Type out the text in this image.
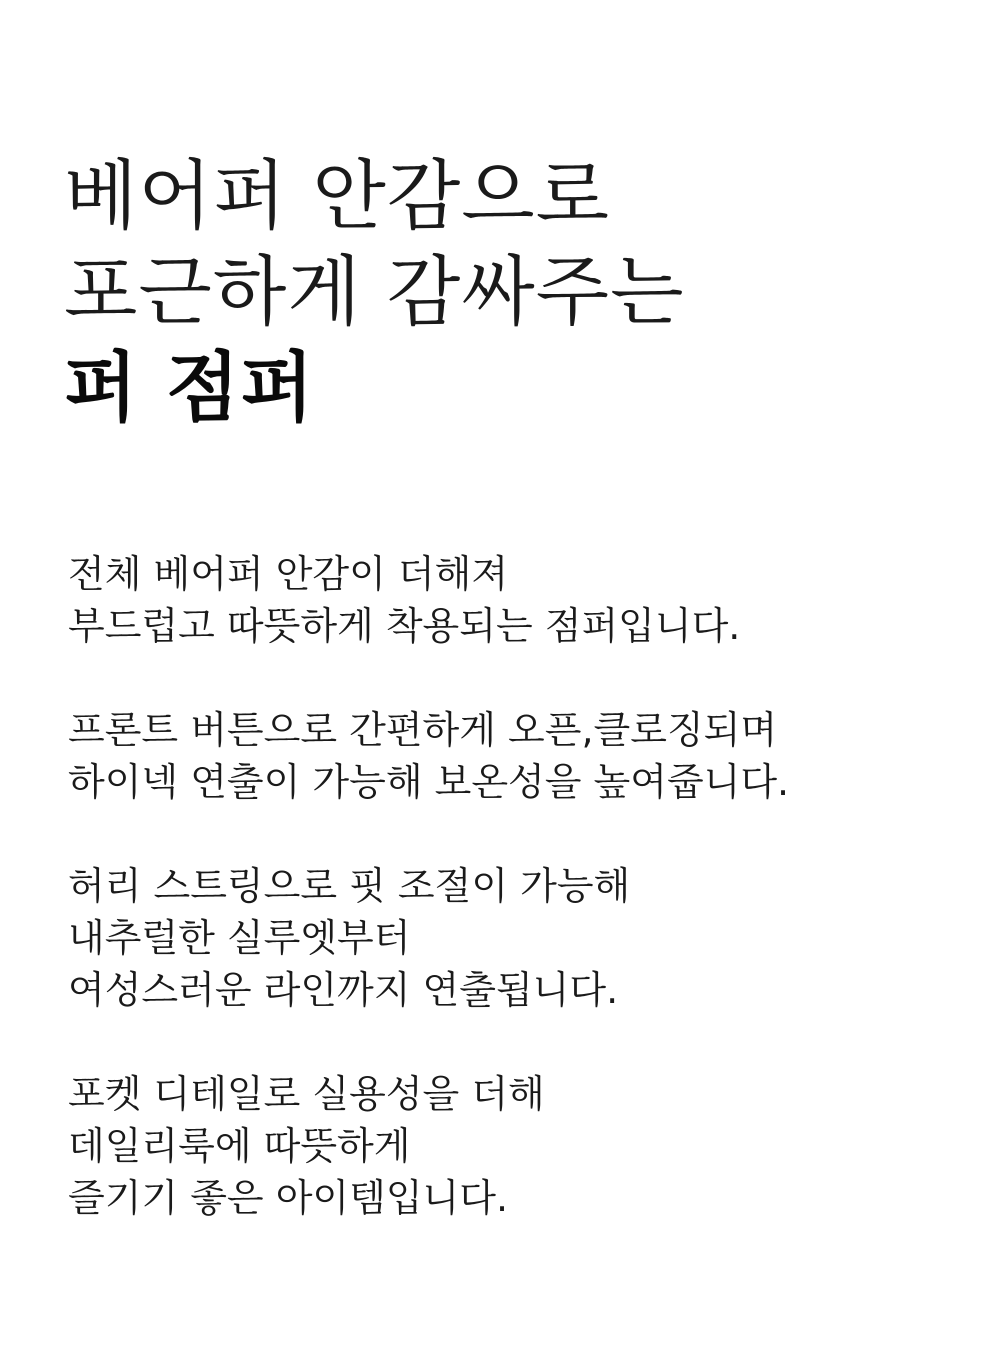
베어퍼 안감으로
포근하게 감싸주는
퍼 점퍼

전체 베어퍼 안감이 더해져
부드럽고 따뜻하게 착용되는 점퍼입니다.

프론트 버튼으로 간편하게 오픈,클로징되며
하이넥 연출이 가능해 보온성을 높여줍니다.

허리 스트링으로 핏 조절이 가능해
내추럴한 실루엣부터
여성스러운 라인까지 연출됩니다.

포켓 디테일로 실용성을 더해
데일리룩에 따뜻하게
즐기기 좋은 아이템입니다.
